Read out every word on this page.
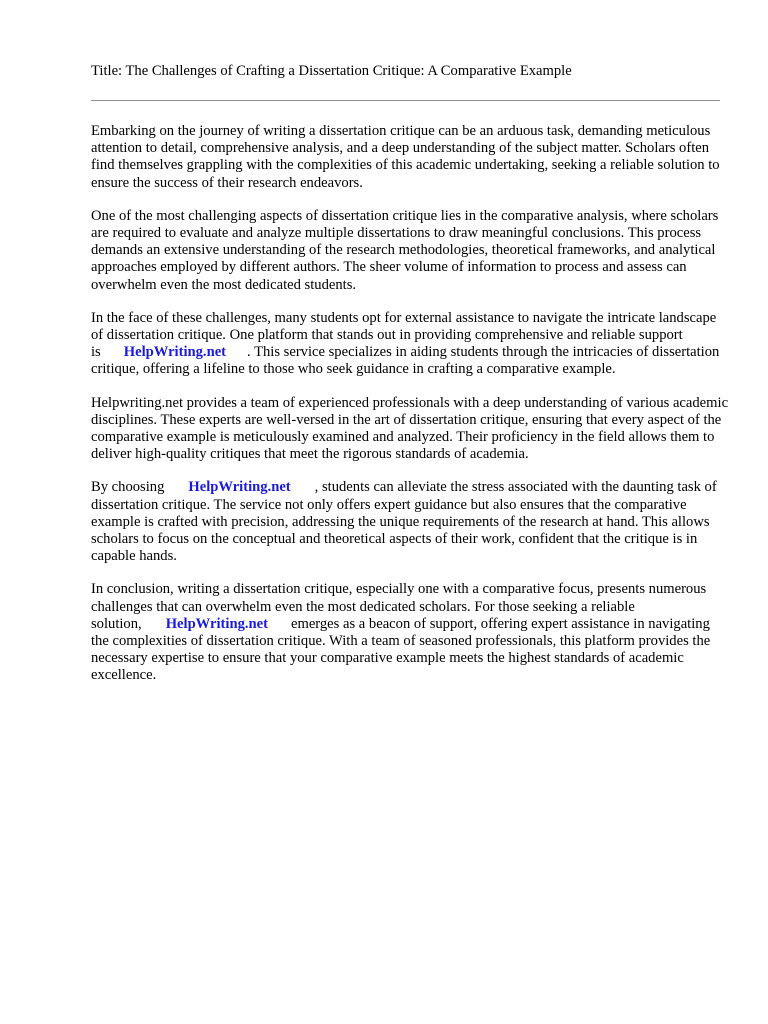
Title: The Challenges of Crafting a Dissertation Critique: A Comparative Example

Embarking on the journey of writing a dissertation critique can be an arduous task, demanding meticulous attention to detail, comprehensive analysis, and a deep understanding of the subject matter. Scholars often find themselves grappling with the complexities of this academic undertaking, seeking a reliable solution to ensure the success of their research endeavors.

One of the most challenging aspects of dissertation critique lies in the comparative analysis, where scholars are required to evaluate and analyze multiple dissertations to draw meaningful conclusions. This process demands an extensive understanding of the research methodologies, theoretical frameworks, and analytical approaches employed by different authors. The sheer volume of information to process and assess can overwhelm even the most dedicated students.

In the face of these challenges, many students opt for external assistance to navigate the intricate landscape of dissertation critique. One platform that stands out in providing comprehensive and reliable support is HelpWriting.net . This service specializes in aiding students through the intricacies of dissertation critique, offering a lifeline to those who seek guidance in crafting a comparative example.

Helpwriting.net provides a team of experienced professionals with a deep understanding of various academic disciplines. These experts are well-versed in the art of dissertation critique, ensuring that every aspect of the comparative example is meticulously examined and analyzed. Their proficiency in the field allows them to deliver high-quality critiques that meet the rigorous standards of academia.

By choosing HelpWriting.net , students can alleviate the stress associated with the daunting task of dissertation critique. The service not only offers expert guidance but also ensures that the comparative example is crafted with precision, addressing the unique requirements of the research at hand. This allows scholars to focus on the conceptual and theoretical aspects of their work, confident that the critique is in capable hands.

In conclusion, writing a dissertation critique, especially one with a comparative focus, presents numerous challenges that can overwhelm even the most dedicated scholars. For those seeking a reliable solution, HelpWriting.net emerges as a beacon of support, offering expert assistance in navigating the complexities of dissertation critique. With a team of seasoned professionals, this platform provides the necessary expertise to ensure that your comparative example meets the highest standards of academic excellence.
